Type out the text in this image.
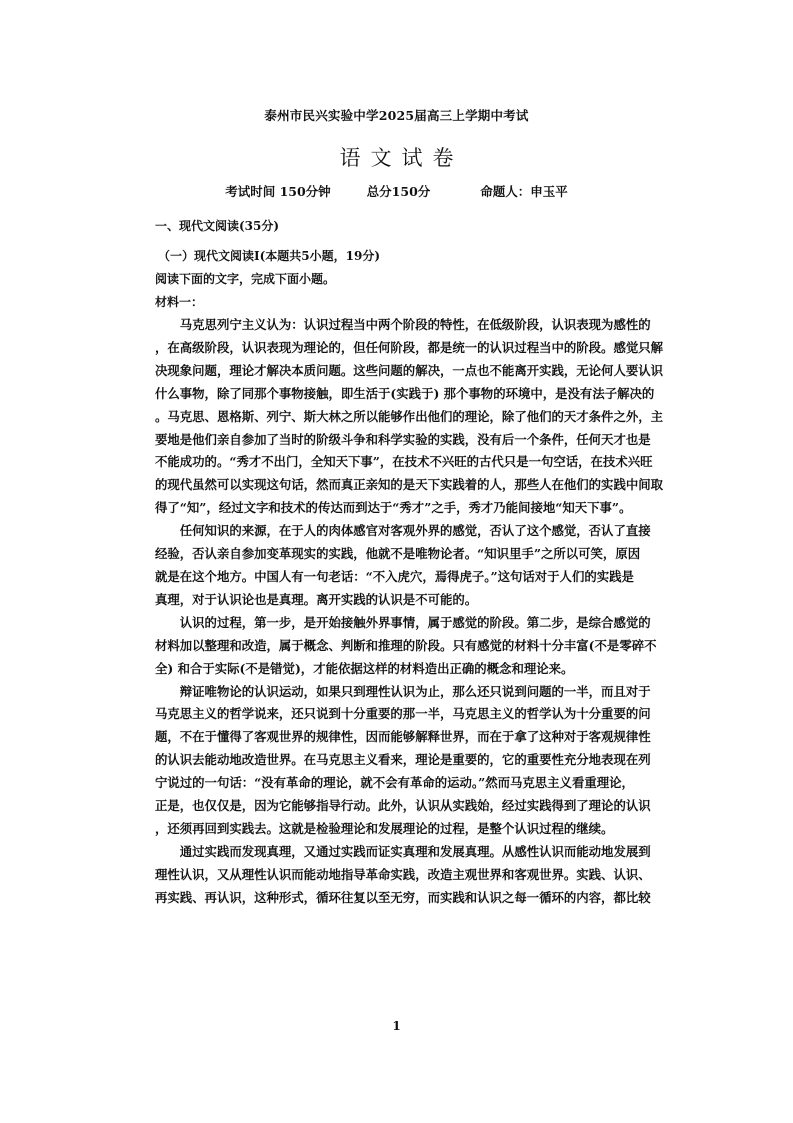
泰州市民兴实验中学2025届高三上学期中考试
语文试卷
考试时间 150分钟	总分150分	命题人：申玉平
一、现代文阅读(35分)
（一）现代文阅读Ⅰ(本题共5小题，19分)
阅读下面的文字，完成下面小题。
材料一：
　　马克思列宁主义认为：认识过程当中两个阶段的特性，在低级阶段，认识表现为感性的
，在高级阶段，认识表现为理论的，但任何阶段，都是统一的认识过程当中的阶段。感觉只解
决现象问题，理论才解决本质问题。这些问题的解决，一点也不能离开实践，无论何人要认识
什么事物，除了同那个事物接触，即生活于(实践于) 那个事物的环境中，是没有法子解决的
。马克思、恩格斯、列宁、斯大林之所以能够作出他们的理论，除了他们的天才条件之外，主
要地是他们亲自参加了当时的阶级斗争和科学实验的实践，没有后一个条件，任何天才也是
不能成功的。“秀才不出门，全知天下事”，在技术不兴旺的古代只是一句空话，在技术兴旺
的现代虽然可以实现这句话，然而真正亲知的是天下实践着的人，那些人在他们的实践中间取
得了“知”，经过文字和技术的传达而到达于“秀才”之手，秀才乃能间接地“知天下事”。
　　任何知识的来源，在于人的肉体感官对客观外界的感觉，否认了这个感觉，否认了直接
经验，否认亲自参加变革现实的实践，他就不是唯物论者。“知识里手”之所以可笑，原因
就是在这个地方。中国人有一句老话：“不入虎穴，焉得虎子。”这句话对于人们的实践是
真理，对于认识论也是真理。离开实践的认识是不可能的。
　　认识的过程，第一步，是开始接触外界事情，属于感觉的阶段。第二步，是综合感觉的
材料加以整理和改造，属于概念、判断和推理的阶段。只有感觉的材料十分丰富(不是零碎不
全) 和合于实际(不是错觉)，才能依据这样的材料造出正确的概念和理论来。
　　辩证唯物论的认识运动，如果只到理性认识为止，那么还只说到问题的一半，而且对于
马克思主义的哲学说来，还只说到十分重要的那一半，马克思主义的哲学认为十分重要的问
题，不在于懂得了客观世界的规律性，因而能够解释世界，而在于拿了这种对于客观规律性
的认识去能动地改造世界。在马克思主义看来，理论是重要的，它的重要性充分地表现在列
宁说过的一句话：“没有革命的理论，就不会有革命的运动。”然而马克思主义看重理论，
正是，也仅仅是，因为它能够指导行动。此外，认识从实践始，经过实践得到了理论的认识
，还须再回到实践去。这就是检验理论和发展理论的过程，是整个认识过程的继续。
　　通过实践而发现真理，又通过实践而证实真理和发展真理。从感性认识而能动地发展到
理性认识，又从理性认识而能动地指导革命实践，改造主观世界和客观世界。实践、认识、
再实践、再认识，这种形式，循环往复以至无穷，而实践和认识之每一循环的内容，都比较
1
